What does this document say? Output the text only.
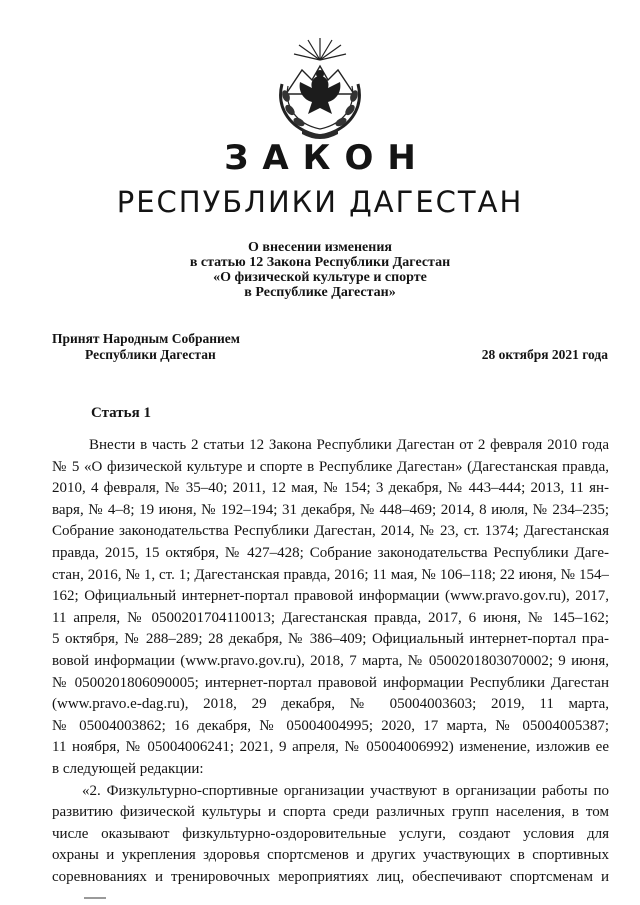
ЗАКОН
РЕСПУБЛИКИ ДАГЕСТАН
О внесении изменения
в статью 12 Закона Республики Дагестан
«О физической культуре и спорте
в Республике Дагестан»
Принят Народным Собранием
Республики Дагестан	28 октября 2021 года
Статья 1
Внести в часть 2 статьи 12 Закона Республики Дагестан от 2 февраля 2010 года
№ 5 «О физической культуре и спорте в Республике Дагестан» (Дагестанская правда,
2010, 4 февраля, № 35–40; 2011, 12 мая, № 154; 3 декабря, № 443–444; 2013, 11 ян-
варя, № 4–8; 19 июня, № 192–194; 31 декабря, № 448–469; 2014, 8 июля, № 234–235;
Собрание законодательства Республики Дагестан, 2014, № 23, ст. 1374; Дагестанская
правда, 2015, 15 октября, № 427–428; Собрание законодательства Республики Даге-
стан, 2016, № 1, ст. 1; Дагестанская правда, 2016; 11 мая, № 106–118; 22 июня, № 154–
162; Официальный интернет-портал правовой информации (www.pravo.gov.ru), 2017,
11 апреля, № 0500201704110013; Дагестанская правда, 2017, 6 июня, № 145–162;
5 октября, № 288–289; 28 декабря, № 386–409; Официальный интернет-портал пра-
вовой информации (www.pravo.gov.ru), 2018, 7 марта, № 0500201803070002; 9 июня,
№ 0500201806090005; интернет-портал правовой информации Республики Дагестан
(www.pravo.e-dag.ru), 2018, 29 декабря, № 05004003603; 2019, 11 марта,
№ 05004003862; 16 декабря, № 05004004995; 2020, 17 марта, № 05004005387;
11 ноября, № 05004006241; 2021, 9 апреля, № 05004006992) изменение, изложив ее
в следующей редакции:
«2. Физкультурно-спортивные организации участвуют в организации работы по
развитию физической культуры и спорта среди различных групп населения, в том
числе оказывают физкультурно-оздоровительные услуги, создают условия для
охраны и укрепления здоровья спортсменов и других участвующих в спортивных
соревнованиях и тренировочных мероприятиях лиц, обеспечивают спортсменам и
